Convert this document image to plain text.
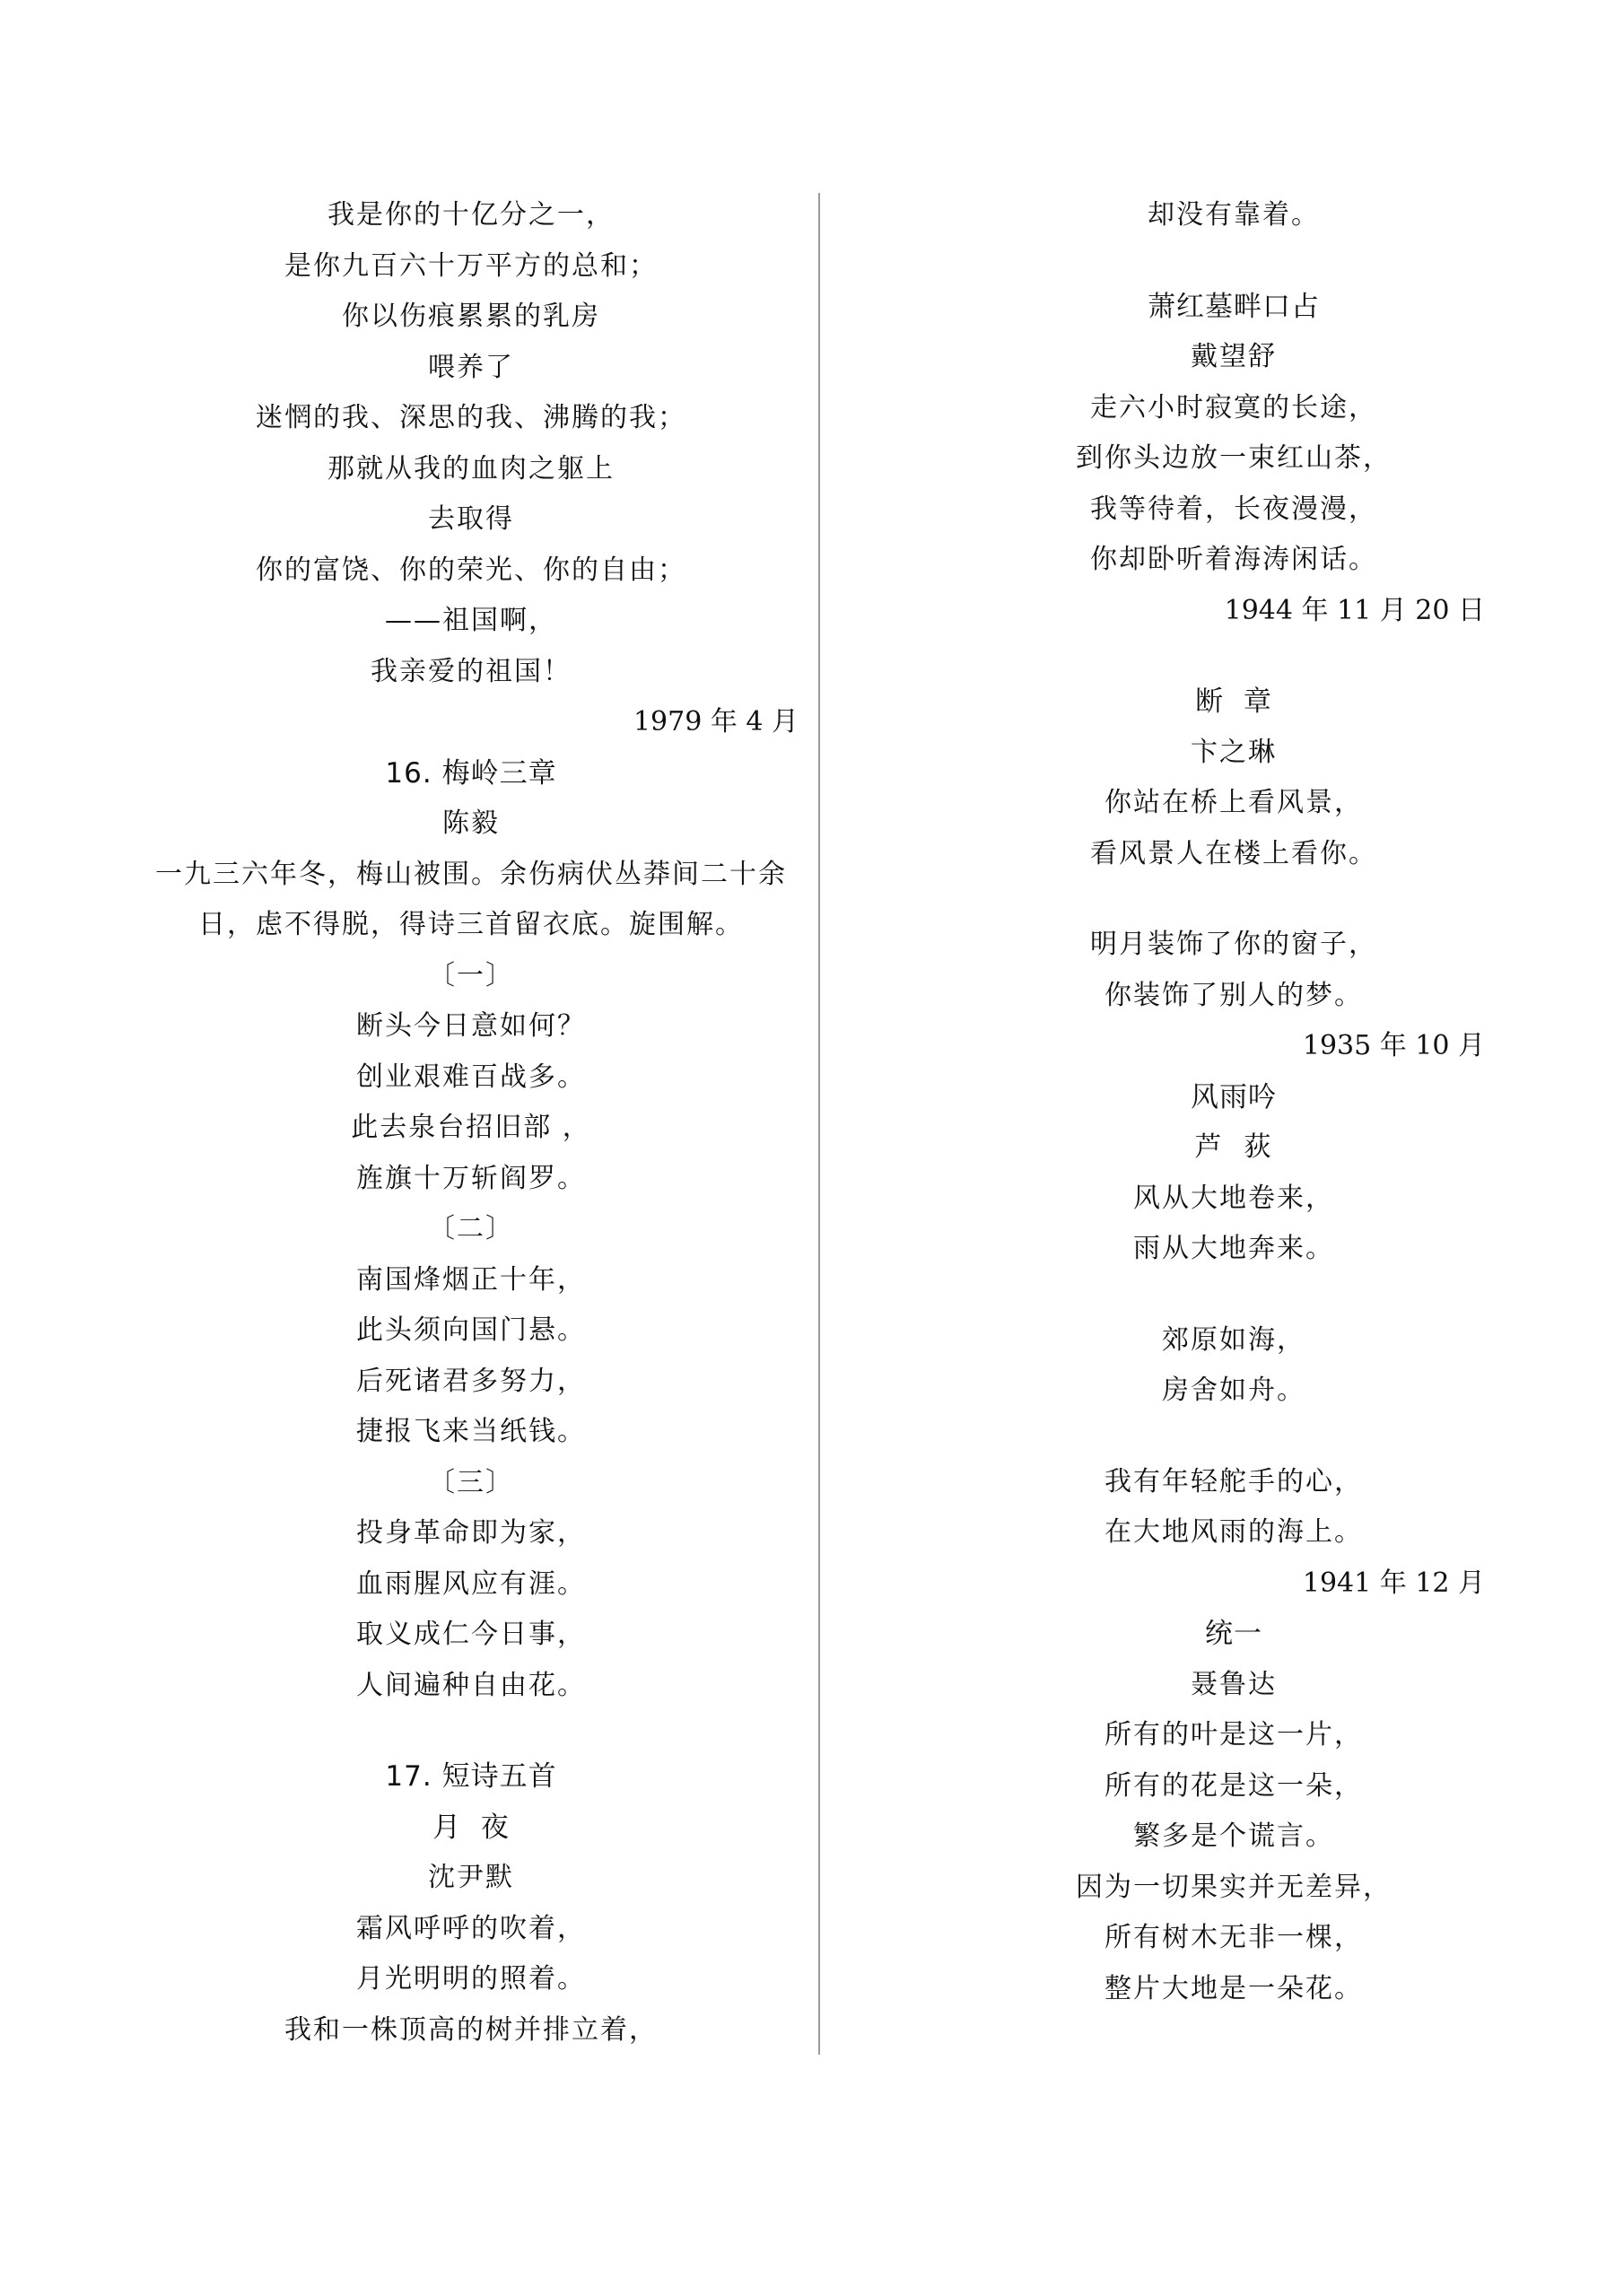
我是你的十亿分之一，
是你九百六十万平方的总和；
你以伤痕累累的乳房
喂养了
迷惘的我、深思的我、沸腾的我；
那就从我的血肉之躯上
去取得
你的富饶、你的荣光、你的自由；
——祖国啊，
我亲爱的祖国！
1979 年 4 月
16. 梅岭三章
陈毅
一九三六年冬，梅山被围。余伤病伏丛莽间二十余
日，虑不得脱，得诗三首留衣底。旋围解。
〔一〕
断头今日意如何？
创业艰难百战多。
此去泉台招旧部 ，
旌旗十万斩阎罗。
〔二〕
南国烽烟正十年，
此头须向国门悬。
后死诸君多努力，
捷报飞来当纸钱。
〔三〕
投身革命即为家，
血雨腥风应有涯。
取义成仁今日事，
人间遍种自由花。
17. 短诗五首
月  夜
沈尹默
霜风呼呼的吹着，
月光明明的照着。
我和一株顶高的树并排立着，
却没有靠着。
萧红墓畔口占
戴望舒
走六小时寂寞的长途，
到你头边放一束红山茶，
我等待着，长夜漫漫，
你却卧听着海涛闲话。
1944 年 11 月 20 日
断  章
卞之琳
你站在桥上看风景，
看风景人在楼上看你。
明月装饰了你的窗子，
你装饰了别人的梦。
1935 年 10 月
风雨吟
芦  荻
风从大地卷来，
雨从大地奔来。
郊原如海，
房舍如舟。
我有年轻舵手的心，
在大地风雨的海上。
1941 年 12 月
统一
聂鲁达
所有的叶是这一片，
所有的花是这一朵，
繁多是个谎言。
因为一切果实并无差异，
所有树木无非一棵，
整片大地是一朵花。
